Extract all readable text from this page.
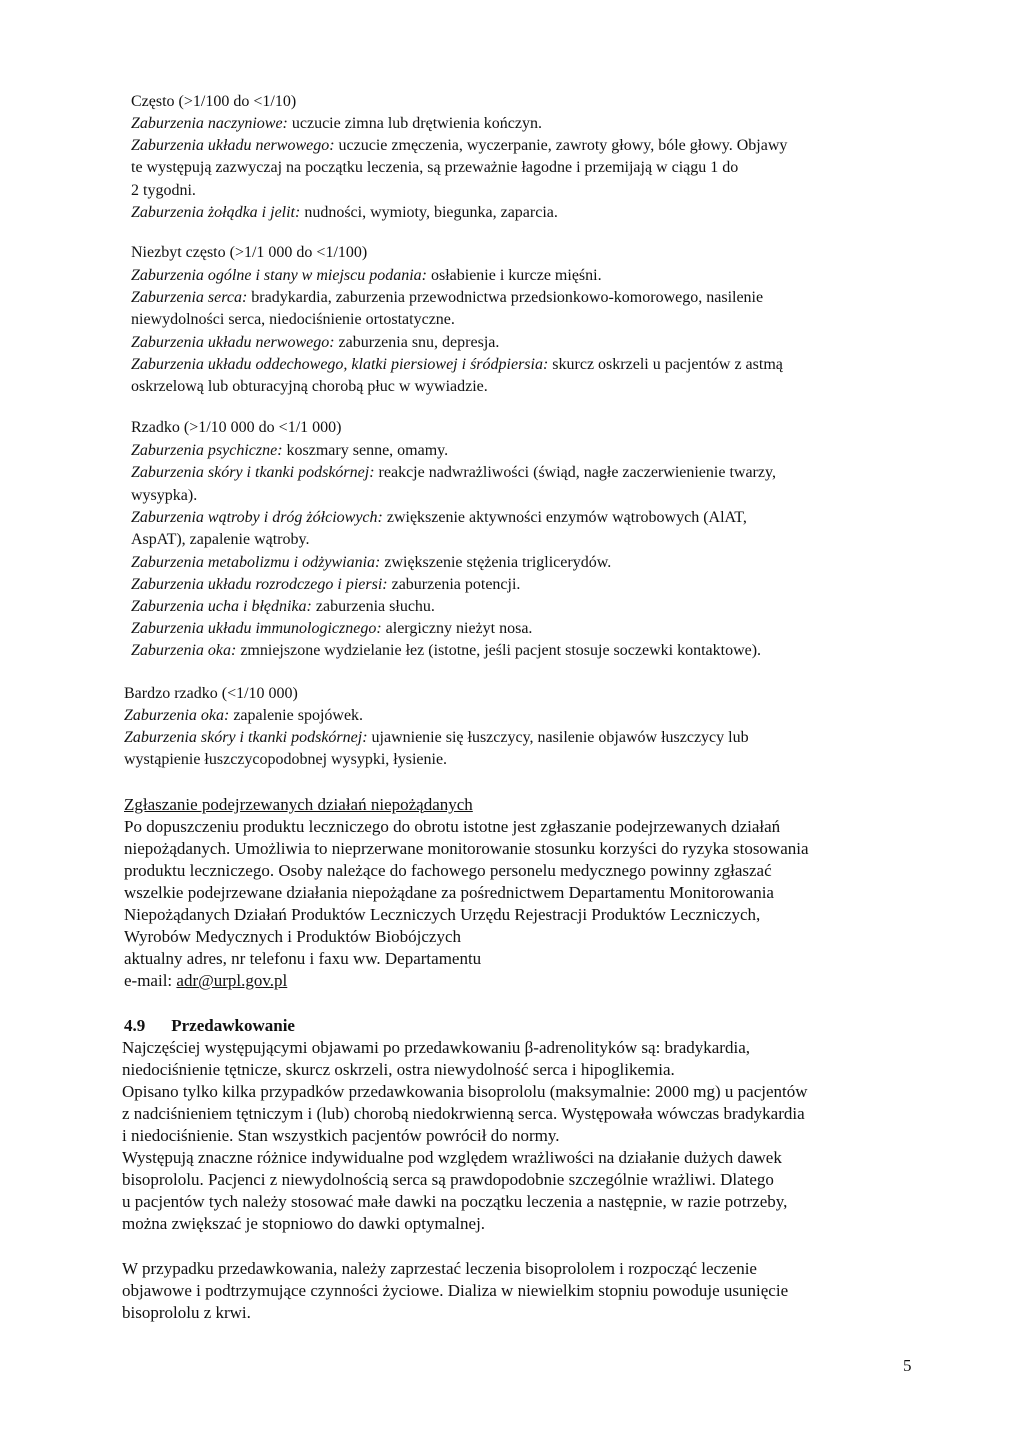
Często (>1/100 do <1/10)
Zaburzenia naczyniowe: uczucie zimna lub drętwienia kończyn.
Zaburzenia układu nerwowego: uczucie zmęczenia, wyczerpanie, zawroty głowy, bóle głowy. Objawy
te występują zazwyczaj na początku leczenia, są przeważnie łagodne i przemijają w ciągu 1 do
2 tygodni.
Zaburzenia żołądka i jelit: nudności, wymioty, biegunka, zaparcia.
Niezbyt często (>1/1 000 do <1/100)
Zaburzenia ogólne i stany w miejscu podania: osłabienie i kurcze mięśni.
Zaburzenia serca: bradykardia, zaburzenia przewodnictwa przedsionkowo-komorowego, nasilenie
niewydolności serca, niedociśnienie ortostatyczne.
Zaburzenia układu nerwowego: zaburzenia snu, depresja.
Zaburzenia układu oddechowego, klatki piersiowej i śródpiersia: skurcz oskrzeli u pacjentów z astmą
oskrzelową lub obturacyjną chorobą płuc w wywiadzie.
Rzadko (>1/10 000 do <1/1 000)
Zaburzenia psychiczne: koszmary senne, omamy.
Zaburzenia skóry i tkanki podskórnej: reakcje nadwrażliwości (świąd, nagłe zaczerwienienie twarzy,
wysypka).
Zaburzenia wątroby i dróg żółciowych: zwiększenie aktywności enzymów wątrobowych (AlAT,
AspAT), zapalenie wątroby.
Zaburzenia metabolizmu i odżywiania: zwiększenie stężenia triglicerydów.
Zaburzenia układu rozrodczego i piersi: zaburzenia potencji.
Zaburzenia ucha i błędnika: zaburzenia słuchu.
Zaburzenia układu immunologicznego: alergiczny nieżyt nosa.
Zaburzenia oka: zmniejszone wydzielanie łez (istotne, jeśli pacjent stosuje soczewki kontaktowe).
Bardzo rzadko (<1/10 000)
Zaburzenia oka: zapalenie spojówek.
Zaburzenia skóry i tkanki podskórnej: ujawnienie się łuszczycy, nasilenie objawów łuszczycy lub
wystąpienie łuszczycopodobnej wysypki, łysienie.
Zgłaszanie podejrzewanych działań niepożądanych
Po dopuszczeniu produktu leczniczego do obrotu istotne jest zgłaszanie podejrzewanych działań
niepożądanych. Umożliwia to nieprzerwane monitorowanie stosunku korzyści do ryzyka stosowania
produktu leczniczego. Osoby należące do fachowego personelu medycznego powinny zgłaszać
wszelkie podejrzewane działania niepożądane za pośrednictwem Departamentu Monitorowania
Niepożądanych Działań Produktów Leczniczych Urzędu Rejestracji Produktów Leczniczych,
Wyrobów Medycznych i Produktów Biobójczych
aktualny adres, nr telefonu i faxu ww. Departamentu
e-mail: adr@urpl.gov.pl
4.9 Przedawkowanie
Najczęściej występującymi objawami po przedawkowaniu β-adrenolityków są: bradykardia,
niedociśnienie tętnicze, skurcz oskrzeli, ostra niewydolność serca i hipoglikemia.
Opisano tylko kilka przypadków przedawkowania bisoprololu (maksymalnie: 2000 mg) u pacjentów
z nadciśnieniem tętniczym i (lub) chorobą niedokrwienną serca. Występowała wówczas bradykardia
i niedociśnienie. Stan wszystkich pacjentów powrócił do normy.
Występują znaczne różnice indywidualne pod względem wrażliwości na działanie dużych dawek
bisoprololu. Pacjenci z niewydolnością serca są prawdopodobnie szczególnie wrażliwi. Dlatego
u pacjentów tych należy stosować małe dawki na początku leczenia a następnie, w razie potrzeby,
można zwiększać je stopniowo do dawki optymalnej.
W przypadku przedawkowania, należy zaprzestać leczenia bisoprololem i rozpocząć leczenie
objawowe i podtrzymujące czynności życiowe. Dializa w niewielkim stopniu powoduje usunięcie
bisoprololu z krwi.
5
